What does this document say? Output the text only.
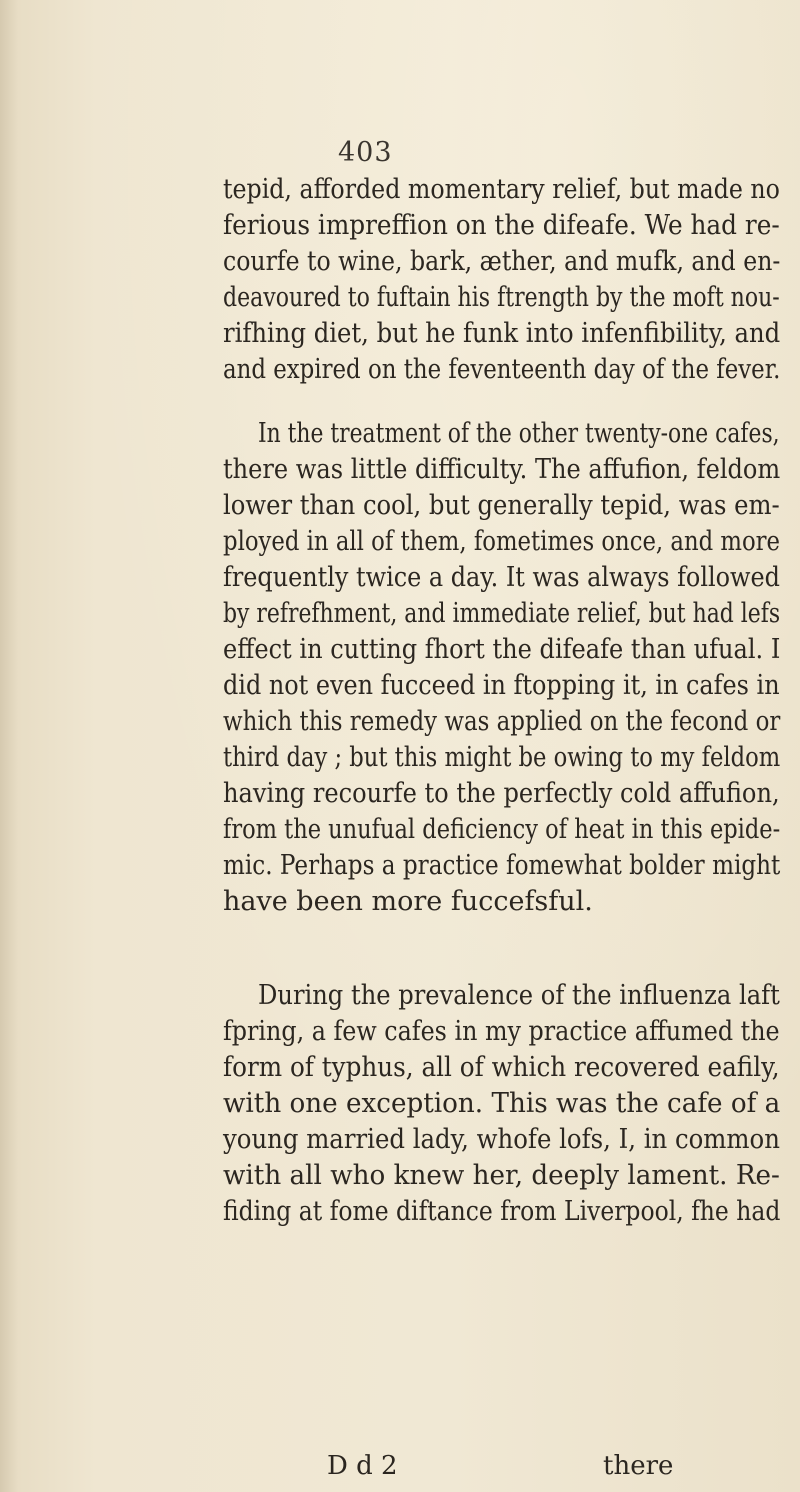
403
tepid, afforded momentary relief, but made no
ferious impreffion on the difeafe. We had re-
courfe to wine, bark, æther, and mufk, and en-
deavoured to fuftain his ftrength by the moft nou-
rifhing diet, but he funk into infenfibility, and
and expired on the feventeenth day of the fever.
In the treatment of the other twenty-one cafes,
there was little difficulty. The affufion, feldom
lower than cool, but generally tepid, was em-
ployed in all of them, fometimes once, and more
frequently twice a day. It was always followed
by refrefhment, and immediate relief, but had lefs
effect in cutting fhort the difeafe than ufual. I
did not even fucceed in ftopping it, in cafes in
which this remedy was applied on the fecond or
third day ; but this might be owing to my feldom
having recourfe to the perfectly cold affufion,
from the unufual deficiency of heat in this epide-
mic. Perhaps a practice fomewhat bolder might
have been more fuccefsful.
During the prevalence of the influenza laft
fpring, a few cafes in my practice affumed the
form of typhus, all of which recovered eafily,
with one exception. This was the cafe of a
young married lady, whofe lofs, I, in common
with all who knew her, deeply lament. Re-
fiding at fome diftance from Liverpool, fhe had
D d 2	there
